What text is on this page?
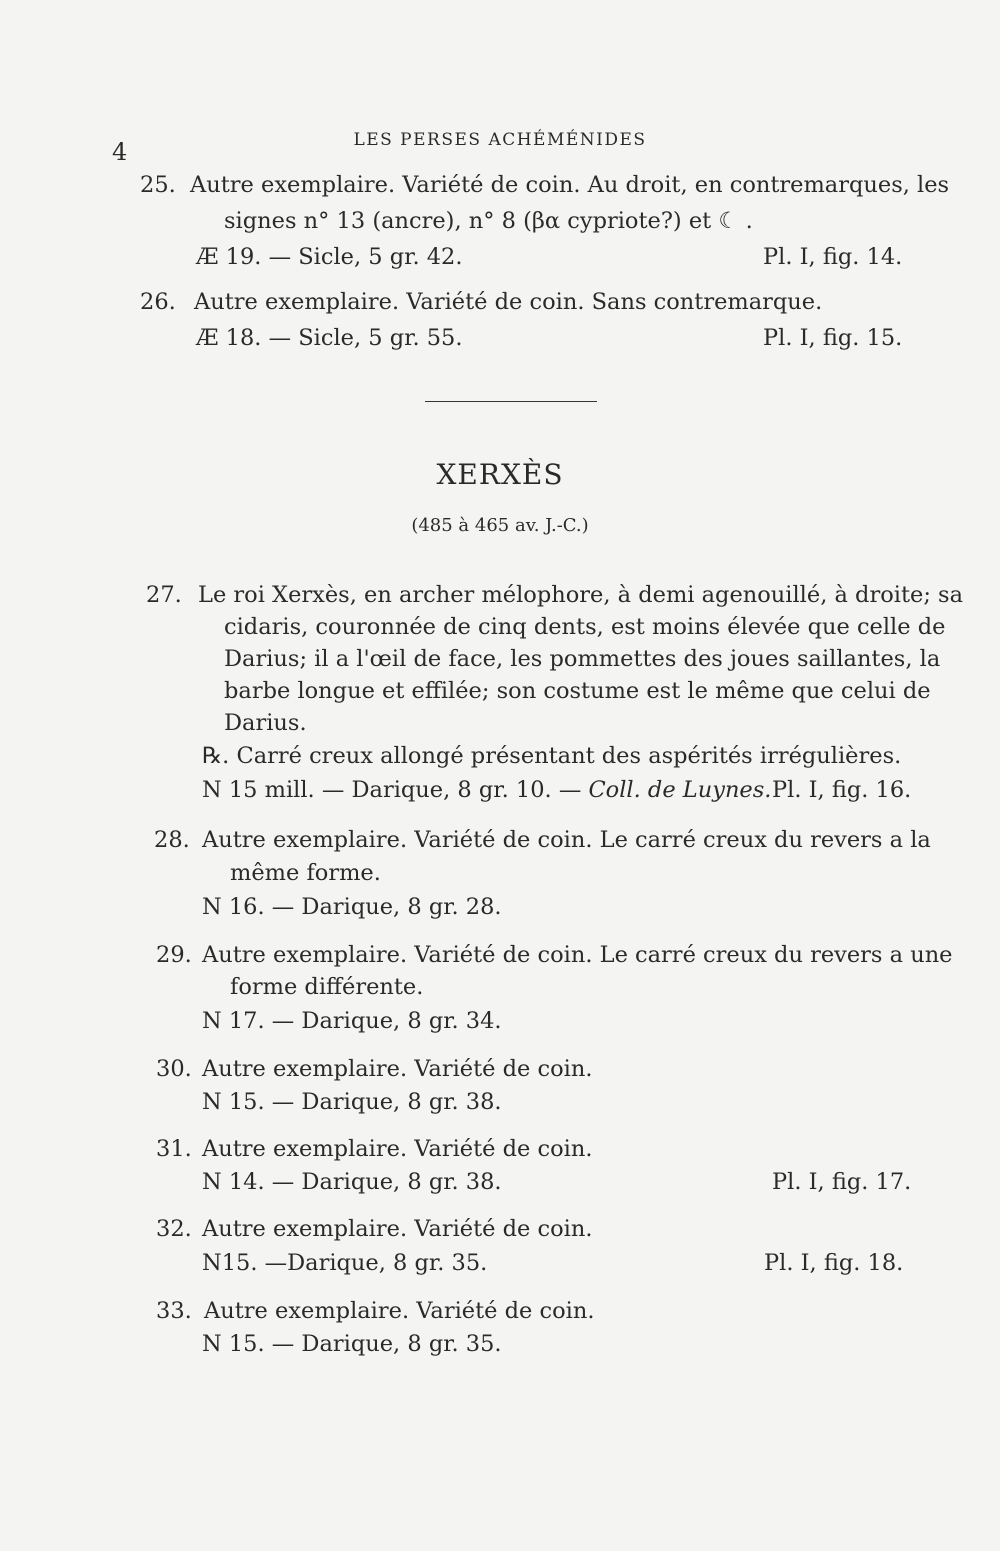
4	LES PERSES ACHÉMÉNIDES
25. Autre exemplaire. Variété de coin. Au droit, en contremarques, les
signes n° 13 (ancre), n° 8 (βα cypriote?) et ☾ .
Æ 19. — Sicle, 5 gr. 42.	Pl. I, fig. 14.
26. Autre exemplaire. Variété de coin. Sans contremarque.
Æ 18. — Sicle, 5 gr. 55.	Pl. I, fig. 15.
XERXÈS
(485 à 465 av. J.-C.)
27. Le roi Xerxès, en archer mélophore, à demi agenouillé, à droite; sa
cidaris, couronnée de cinq dents, est moins élevée que celle de
Darius; il a l'œil de face, les pommettes des joues saillantes, la
barbe longue et effilée; son costume est le même que celui de
Darius.
℞. Carré creux allongé présentant des aspérités irrégulières.
N 15 mill. — Darique, 8 gr. 10. — Coll. de Luynes. Pl. I, fig. 16.
28. Autre exemplaire. Variété de coin. Le carré creux du revers a la
même forme.
N 16. — Darique, 8 gr. 28.
29. Autre exemplaire. Variété de coin. Le carré creux du revers a une
forme différente.
N 17. — Darique, 8 gr. 34.
30. Autre exemplaire. Variété de coin.
N 15. — Darique, 8 gr. 38.
31. Autre exemplaire. Variété de coin.
N 14. — Darique, 8 gr. 38.	Pl. I, fig. 17.
32. Autre exemplaire. Variété de coin.
N15. —Darique, 8 gr. 35.	Pl. I, fig. 18.
33. Autre exemplaire. Variété de coin.
N 15. — Darique, 8 gr. 35.
